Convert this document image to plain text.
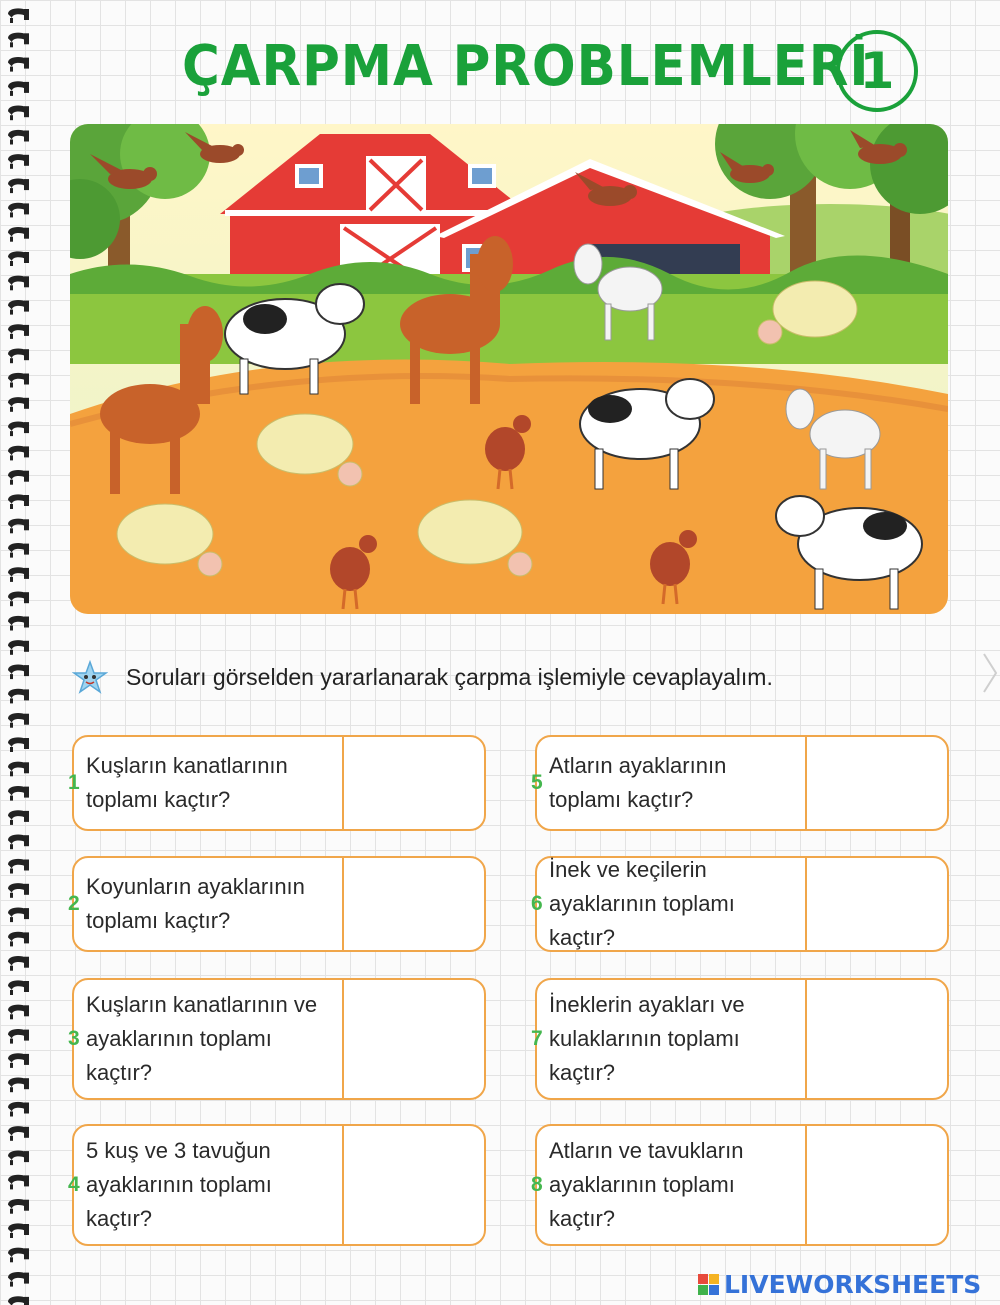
ÇARPMA PROBLEMLERİ
1
Soruları görselden yararlanarak çarpma işlemiyle cevaplayalım.
1
Kuşların kanatlarının toplamı kaçtır?
2
Koyunların ayaklarının toplamı kaçtır?
3
Kuşların kanatlarının ve ayaklarının toplamı kaçtır?
4
5 kuş ve 3 tavuğun ayaklarının toplamı kaçtır?
5
Atların ayaklarının toplamı kaçtır?
6
İnek ve keçilerin ayaklarının toplamı kaçtır?
7
İneklerin ayakları ve kulaklarının toplamı kaçtır?
8
Atların ve tavukların ayaklarının toplamı kaçtır?
LIVEWORKSHEETS
